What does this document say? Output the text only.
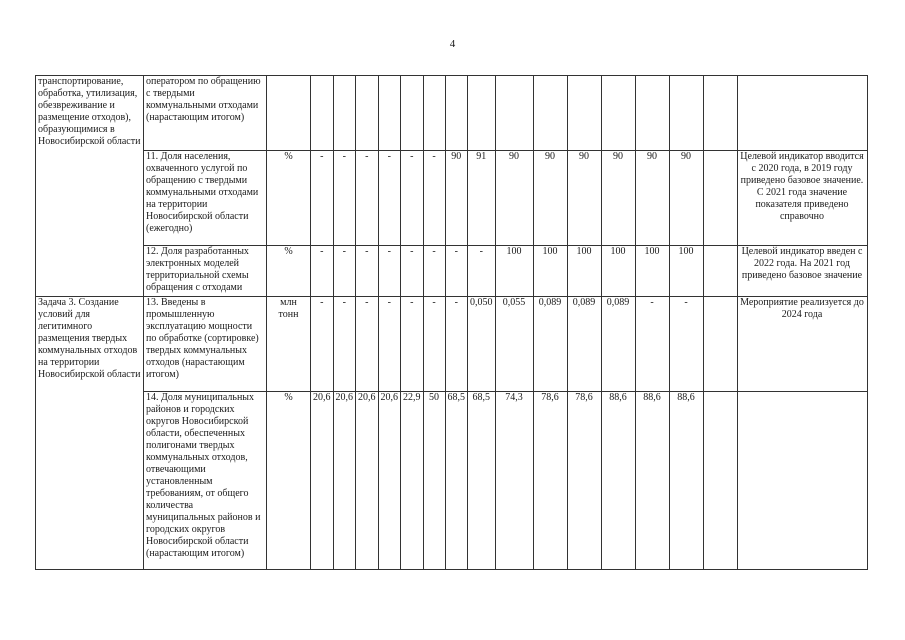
4
транспортирование, обработка, утилизация, обезвреживание и размещение отходов), образующимися в Новосибирской области	оператором по обращению с твердыми коммунальными отходами (нарастающим итогом)																	
	11. Доля населения, охваченного услугой по обращению с твердыми коммунальными отходами на территории Новосибирской области (ежегодно)	%	-	-	-	-	-	-	90	91	90	90	90	90	90	90		Целевой индикатор вводится с 2020 года, в 2019 году приведено базовое значение. С 2021 года значение показателя приведено справочно
	12. Доля разработанных электронных моделей территориальной схемы обращения с отходами	%	-	-	-	-	-	-	-	-	100	100	100	100	100	100		Целевой индикатор введен с 2022 года. На 2021 год приведено базовое значение
Задача 3. Создание условий для легитимного размещения твердых коммунальных отходов на территории Новосибирской области	13. Введены в промышленную эксплуатацию мощности по обработке (сортировке) твердых коммунальных отходов (нарастающим итогом)	млн тонн	-	-	-	-	-	-	-	0,050	0,055	0,089	0,089	0,089	-	-		Мероприятие реализуется до 2024 года
	14. Доля муниципальных районов и городских округов Новосибирской области, обеспеченных полигонами твердых коммунальных отходов, отвечающими установленным требованиям, от общего количества муниципальных районов и городских округов Новосибирской области (нарастающим итогом)	%	20,6	20,6	20,6	20,6	22,9	50	68,5	68,5	74,3	78,6	78,6	88,6	88,6	88,6		
